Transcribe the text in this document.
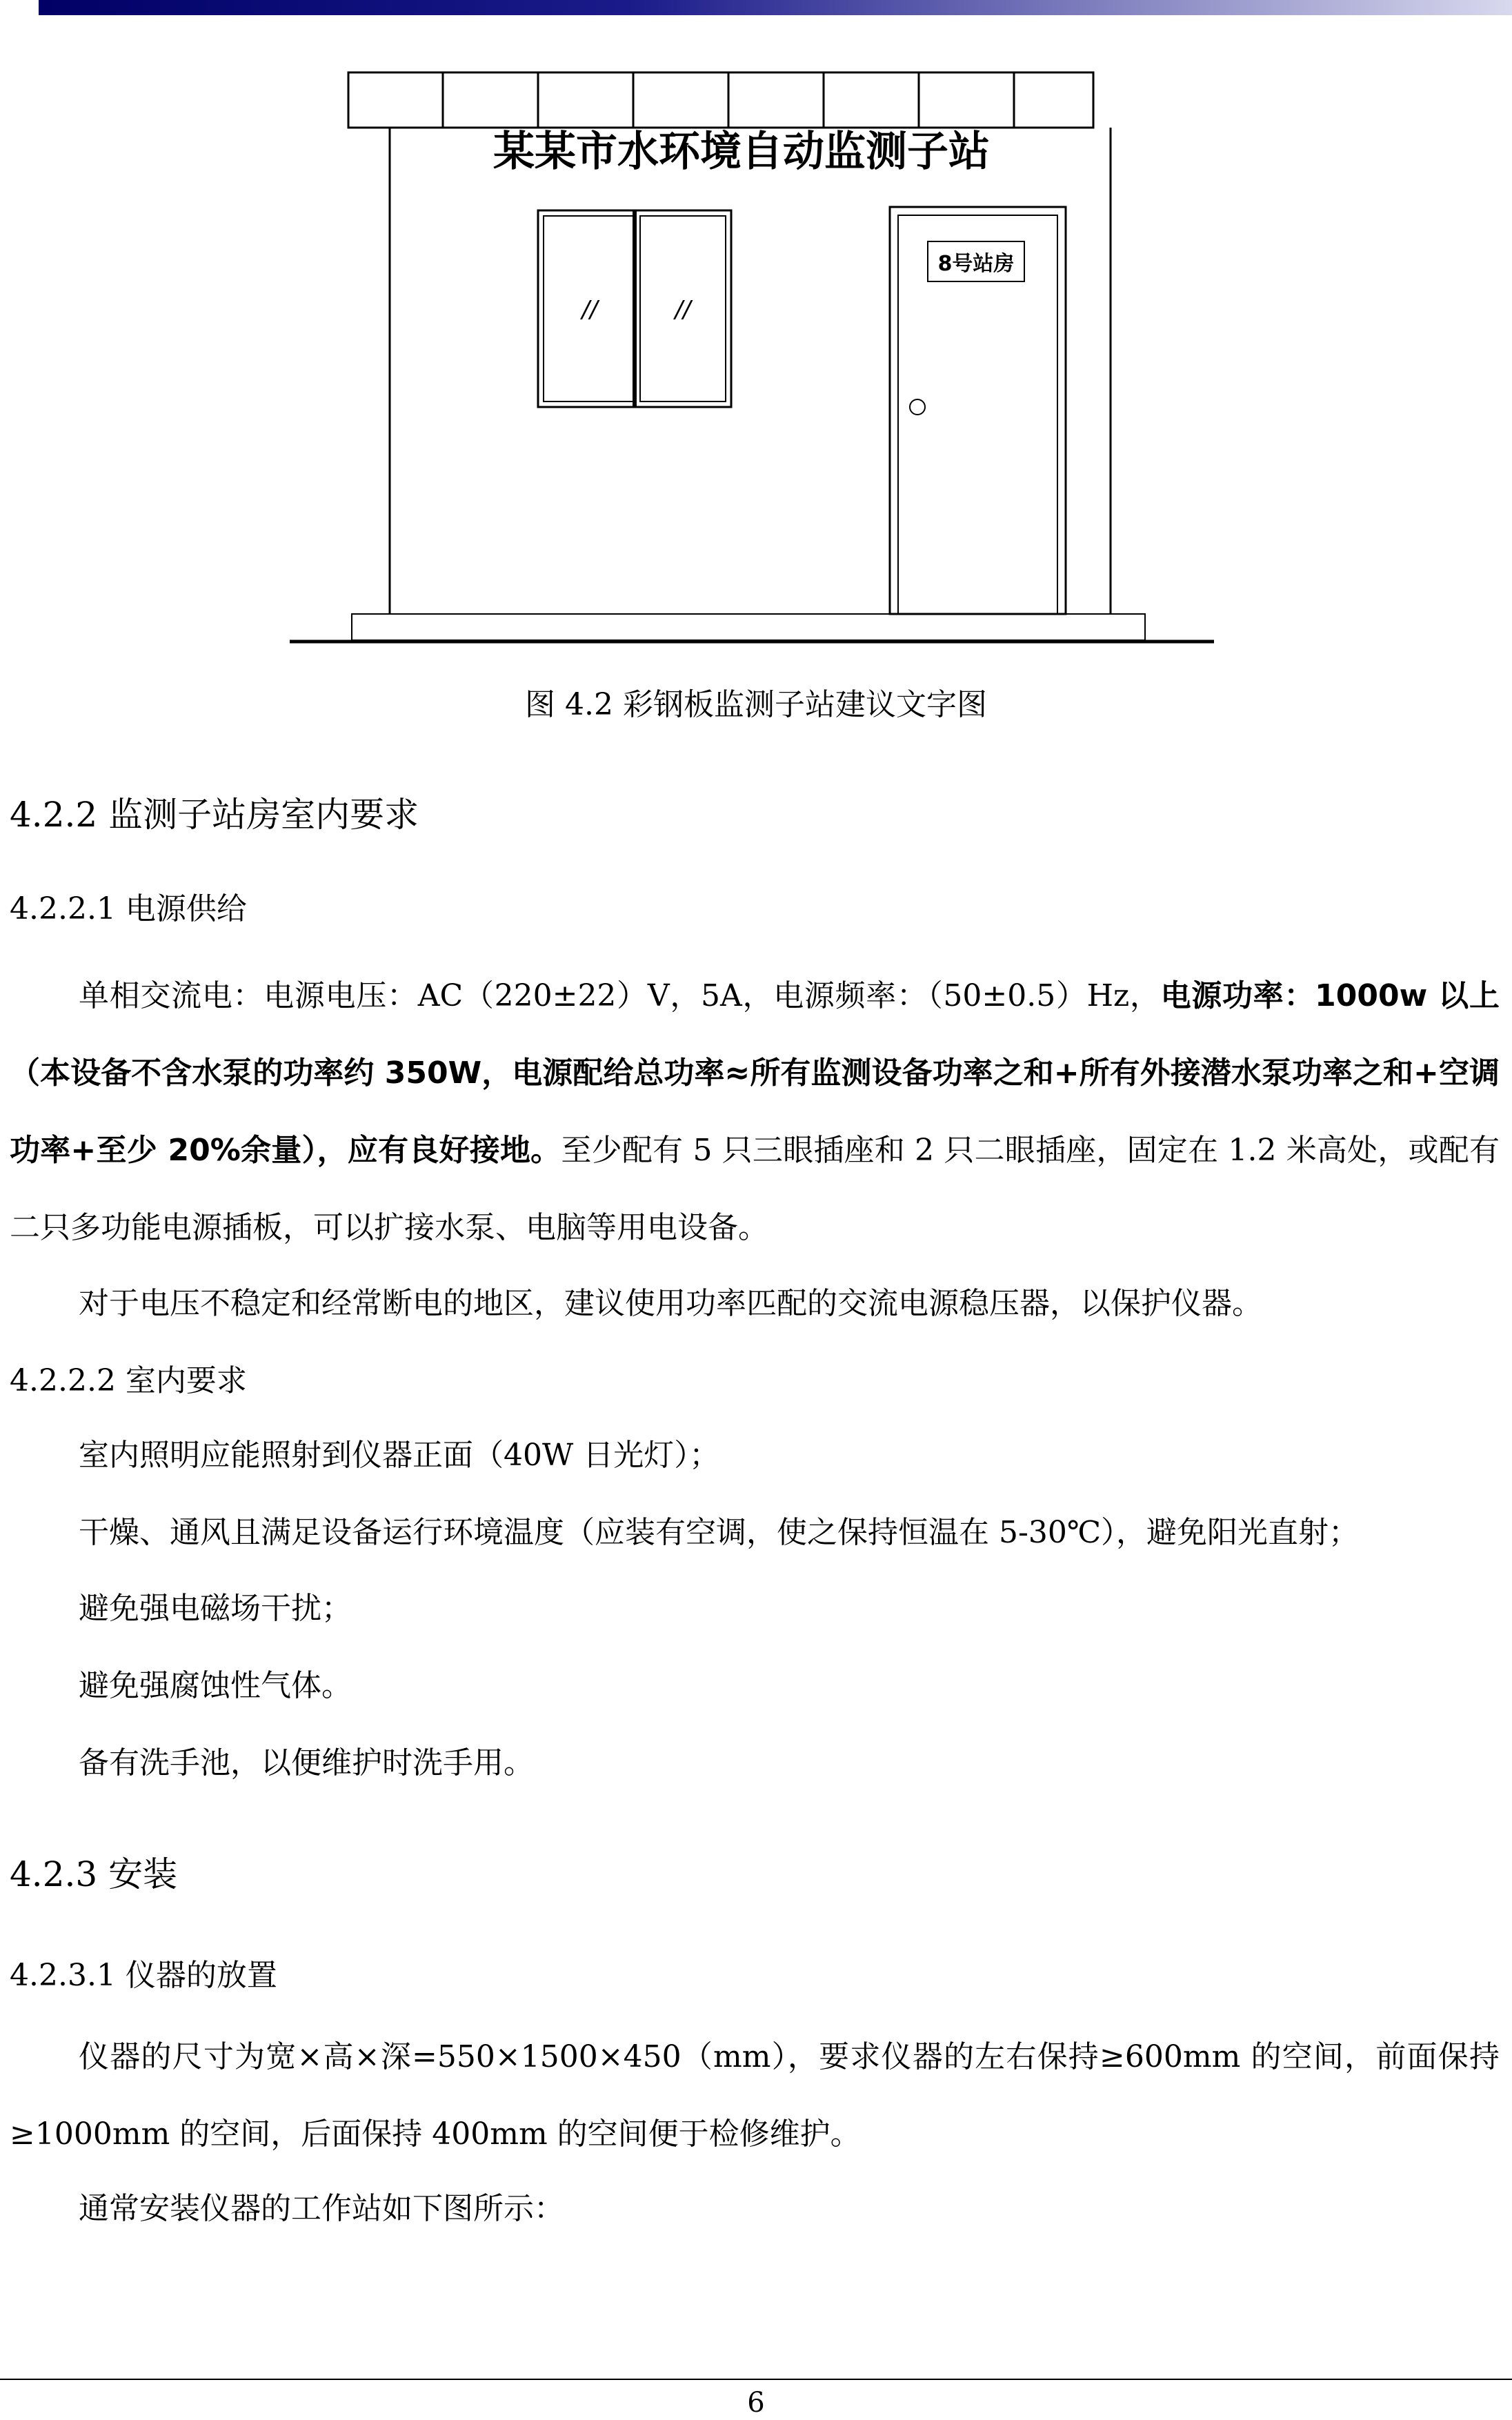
某某市水环境自动监测子站
8号站房
//	//
图 4.2 彩钢板监测子站建议文字图
4.2.2 监测子站房室内要求
4.2.2.1 电源供给
单相交流电：电源电压：AC（220±22）V，5A，电源频率：（50±0.5）Hz，电源功率：1000w 以上（本设备不含水泵的功率约 350W，电源配给总功率≈所有监测设备功率之和+所有外接潜水泵功率之和+空调功率+至少 20%余量），应有良好接地。至少配有 5 只三眼插座和 2 只二眼插座，固定在 1.2 米高处，或配有二只多功能电源插板，可以扩接水泵、电脑等用电设备。
对于电压不稳定和经常断电的地区，建议使用功率匹配的交流电源稳压器，以保护仪器。
4.2.2.2 室内要求
室内照明应能照射到仪器正面（40W 日光灯）；
干燥、通风且满足设备运行环境温度（应装有空调，使之保持恒温在 5-30℃），避免阳光直射；
避免强电磁场干扰；
避免强腐蚀性气体。
备有洗手池，以便维护时洗手用。
4.2.3 安装
4.2.3.1 仪器的放置
仪器的尺寸为宽×高×深=550×1500×450（mm），要求仪器的左右保持≥600mm 的空间，前面保持≥1000mm 的空间，后面保持 400mm 的空间便于检修维护。
通常安装仪器的工作站如下图所示：
6
